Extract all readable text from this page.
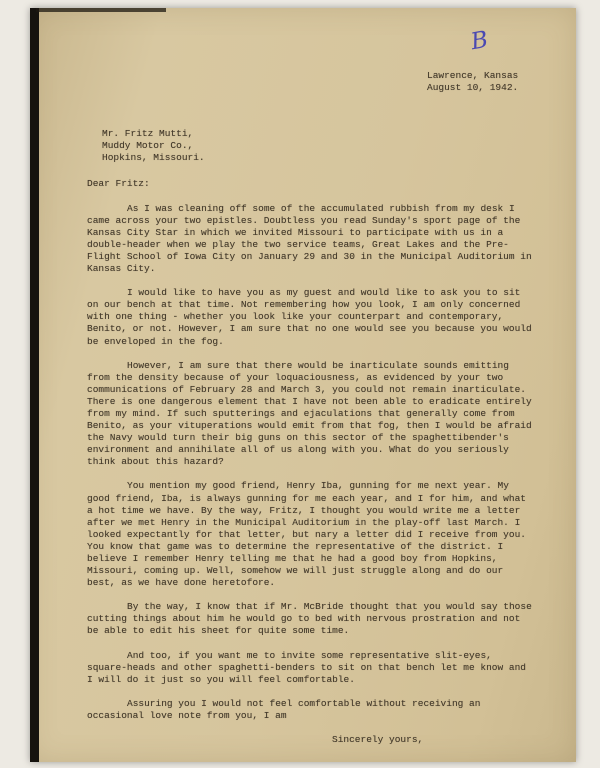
B
Lawrence, Kansas
August 10, 1942.
Mr. Fritz Mutti,
Muddy Motor Co.,
Hopkins, Missouri.
Dear Fritz:

As I was cleaning off some of the accumulated rubbish from my desk I came across your two epistles. Doubtless you read Sunday's sport page of the Kansas City Star in which we invited Missouri to participate with us in a double-header when we play the two service teams, Great Lakes and the Pre-Flight School of Iowa City on January 29 and 30 in the Municipal Auditorium in Kansas City.

I would like to have you as my guest and would like to ask you to sit on our bench at that time. Not remembering how you look, I am only concerned with one thing - whether you look like your counterpart and contemporary, Benito, or not. However, I am sure that no one would see you because you would be enveloped in the fog.

However, I am sure that there would be inarticulate sounds emitting from the density because of your loquaciousness, as evidenced by your two communications of February 28 and March 3, you could not remain inarticulate. There is one dangerous element that I have not been able to eradicate entirely from my mind. If such sputterings and ejaculations that generally come from Benito, as your vituperations would emit from that fog, then I would be afraid the Navy would turn their big guns on this sector of the spaghettibender's environment and annihilate all of us along with you. What do you seriously think about this hazard?

You mention my good friend, Henry Iba, gunning for me next year. My good friend, Iba, is always gunning for me each year, and I for him, and what a hot time we have. By the way, Fritz, I thought you would write me a letter after we met Henry in the Municipal Auditorium in the play-off last March. I looked expectantly for that letter, but nary a letter did I receive from you. You know that game was to determine the representative of the district. I believe I remember Henry telling me that he had a good boy from Hopkins, Missouri, coming up. Well, somehow we will just struggle along and do our best, as we have done heretofore.

By the way, I know that if Mr. McBride thought that you would say those cutting things about him he would go to bed with nervous prostration and not be able to edit his sheet for quite some time.

And too, if you want me to invite some representative slit-eyes, square-heads and other spaghetti-benders to sit on that bench let me know and I will do it just so you will feel comfortable.

Assuring you I would not feel comfortable without receiving an occasional love note from you, I am

Sincerely yours,
